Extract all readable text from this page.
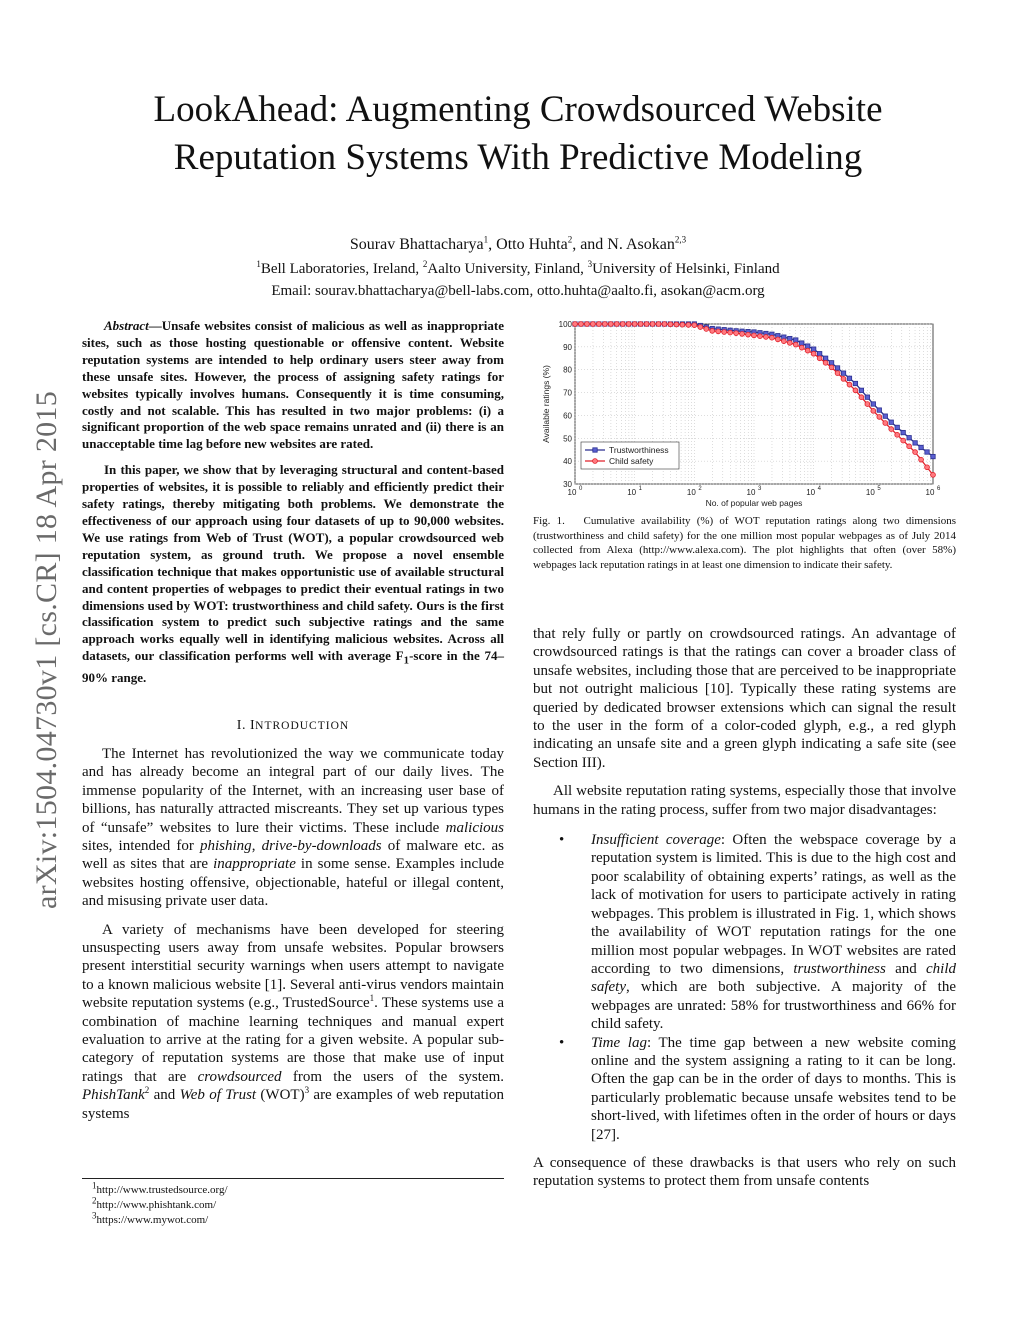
arXiv:1504.04730v1 [cs.CR] 18 Apr 2015
LookAhead: Augmenting Crowdsourced Website Reputation Systems With Predictive Modeling
Sourav Bhattacharya$^1$, Otto Huhta$^2$, and N. Asokan$^{2,3}$
$^1$Bell Laboratories, Ireland, $^2$Aalto University, Finland, $^3$University of Helsinki, Finland
Email: sourav.bhattacharya@bell-labs.com, otto.huhta@aalto.fi, asokan@acm.org

Abstract—Unsafe websites consist of malicious as well as inappropriate sites, such as those hosting questionable or offensive content. Website reputation systems are intended to help ordinary users steer away from these unsafe sites. However, the process of assigning safety ratings for websites typically involves humans. Consequently it is time consuming, costly and not scalable. This has resulted in two major problems: (i) a significant proportion of the web space remains unrated and (ii) there is an unacceptable time lag before new websites are rated.

In this paper, we show that by leveraging structural and content-based properties of websites, it is possible to reliably and efficiently predict their safety ratings, thereby mitigating both problems. We demonstrate the effectiveness of our approach using four datasets of up to 90,000 websites. We use ratings from Web of Trust (WOT), a popular crowdsourced web reputation system, as ground truth. We propose a novel ensemble classification technique that makes opportunistic use of available structural and content properties of webpages to predict their eventual ratings in two dimensions used by WOT: trustworthiness and child safety. Ours is the first classification system to predict such subjective ratings and the same approach works equally well in identifying malicious websites. Across all datasets, our classification performs well with average $F_1$-score in the 74–90% range.

I. INTRODUCTION

The Internet has revolutionized the way we communicate today and has already become an integral part of our daily lives. The immense popularity of the Internet, with an increasing user base of billions, has naturally attracted miscreants. They set up various types of “unsafe” websites to lure their victims. These include malicious sites, intended for phishing, drive-by-downloads of malware etc. as well as sites that are inappropriate in some sense. Examples include websites hosting offensive, objectionable, hateful or illegal content, and misusing private user data.

A variety of mechanisms have been developed for steering unsuspecting users away from unsafe websites. Popular browsers present interstitial security warnings when users attempt to navigate to a known malicious website [1]. Several anti-virus vendors maintain website reputation systems (e.g., TrustedSource$^1$. These systems use a combination of machine learning techniques and manual expert evaluation to arrive at the rating for a given website. A popular sub-category of reputation systems are those that make use of input ratings that are crowdsourced from the users of the system. PhishTank$^2$ and Web of Trust (WOT)$^3$ are examples of web reputation systems

$^1$http://www.trustedsource.org/
$^2$http://www.phishtank.com/
$^3$https://www.mywot.com/
30
40
50
60
70
80
90
100
10 0	10 1	10 2	10 3	10 4	10 5	10 6
No. of popular web pages
Available ratings (%)
Trustworthiness
Child safety

Fig. 1. Cumulative availability (%) of WOT reputation ratings along two dimensions (trustworthiness and child safety) for the one million most popular webpages as of July 2014 collected from Alexa (http://www.alexa.com). The plot highlights that often (over 58%) webpages lack reputation ratings in at least one dimension to indicate their safety.

that rely fully or partly on crowdsourced ratings. An advantage of crowdsourced ratings is that the ratings can cover a broader class of unsafe websites, including those that are perceived to be inappropriate but not outright malicious [10]. Typically these rating systems are queried by dedicated browser extensions which can signal the result to the user in the form of a color-coded glyph, e.g., a red glyph indicating an unsafe site and a green glyph indicating a safe site (see Section III).

All website reputation rating systems, especially those that involve humans in the rating process, suffer from two major disadvantages:

• Insufficient coverage: Often the webspace coverage by a reputation system is limited. This is due to the high cost and poor scalability of obtaining experts’ ratings, as well as the lack of motivation for users to participate actively in rating webpages. This problem is illustrated in Fig. 1, which shows the availability of WOT reputation ratings for the one million most popular webpages. In WOT websites are rated according to two dimensions, trustworthiness and child safety, which are both subjective. A majority of the webpages are unrated: 58% for trustworthiness and 66% for child safety.
• Time lag: The time gap between a new website coming online and the system assigning a rating to it can be long. Often the gap can be in the order of days to months. This is particularly problematic because unsafe websites tend to be short-lived, with lifetimes often in the order of hours or days [27].

A consequence of these drawbacks is that users who rely on such reputation systems to protect them from unsafe contents
